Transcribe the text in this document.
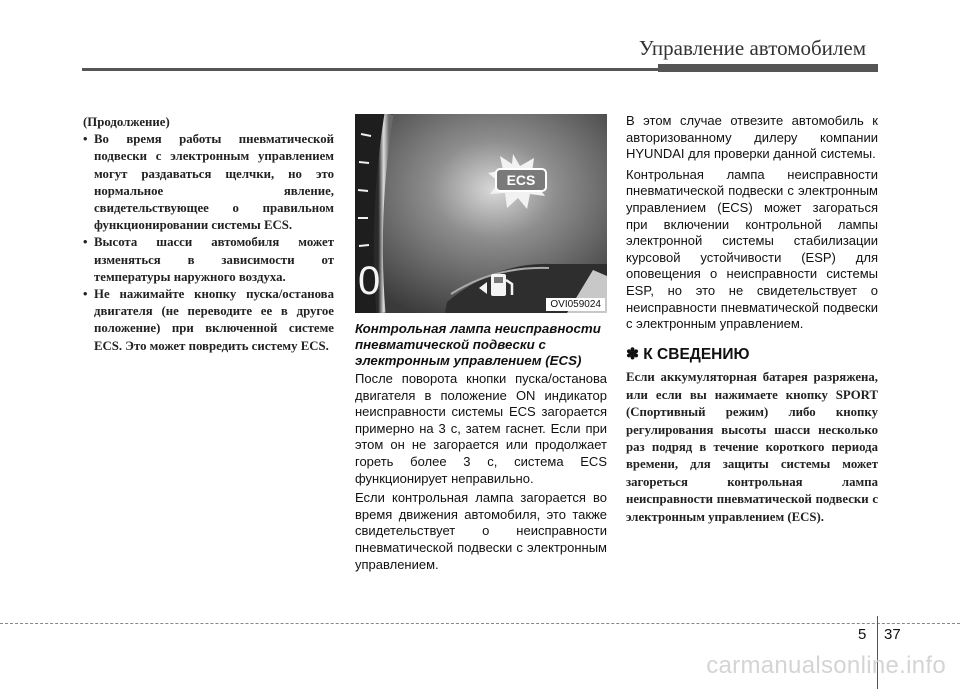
Управление автомобилем

(Продолжение)

• Во время работы пневматической подвески с электронным управлением могут раздаваться щелчки, но это нормальное явление, свидетельствующее о правильном функционировании системы ECS.
• Высота шасси автомобиля может изменяться в зависимости от температуры наружного воздуха.
• Не нажимайте кнопку пуска/останова двигателя (не переводите ее в другое положение) при включенной системе ECS. Это может повредить систему ECS.
ECS
0
OVI059024
Контрольная лампа неисправности пневматической подвески с электронным управлением (ECS)

После поворота кнопки пуска/останова двигателя в положение ON индикатор неисправности системы ECS загорается примерно на 3 с, затем гаснет. Если при этом он не загорается или продолжает гореть более 3 с, система ECS функционирует неправильно.

Если контрольная лампа загорается во время движения автомобиля, это также свидетельствует о неисправности пневматической подвески с электронным управлением.

В этом случае отвезите автомобиль к авторизованному дилеру компании HYUNDAI для проверки данной системы.

Контрольная лампа неисправности пневматической подвески с электронным управлением (ECS) может загораться при включении контрольной лампы электронной системы стабилизации курсовой устойчивости (ESP) для оповещения о неисправности системы ESP, но это не свидетельствует о неисправности пневматической подвески с электронным управлением.

✽ К СВЕДЕНИЮ
Если аккумуляторная батарея разряжена, или если вы нажимаете кнопку SPORT (Спортивный режим) либо кнопку регулирования высоты шасси несколько раз подряд в течение короткого периода времени, для защиты системы может загореться контрольная лампа неисправности пневматической подвески с электронным управлением (ECS).
5 37
carmanualsonline.info
